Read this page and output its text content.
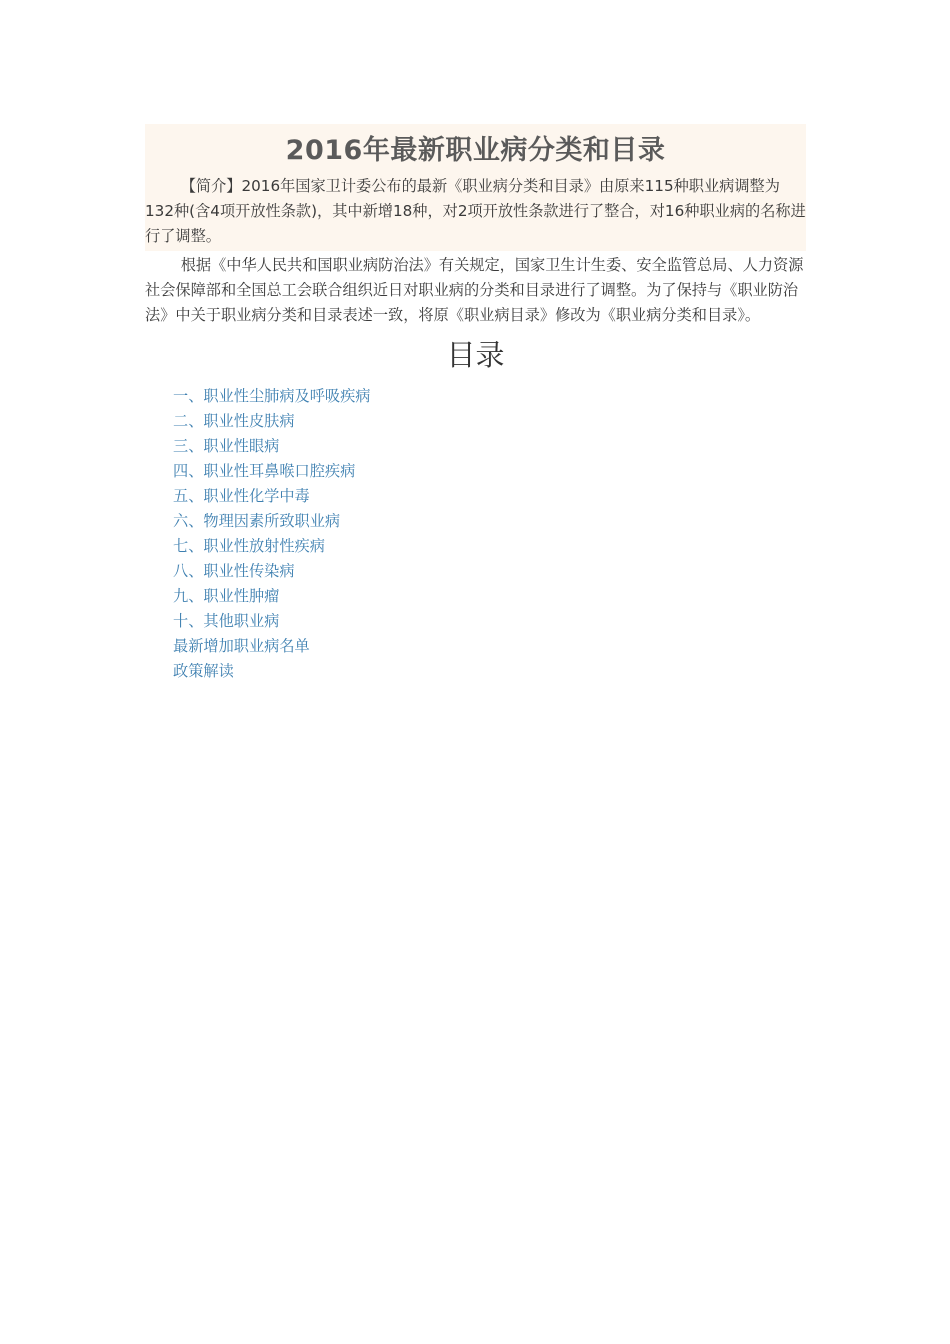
2016年最新职业病分类和目录

【简介】2016年国家卫计委公布的最新《职业病分类和目录》由原来115种职业病调整为132种(含4项开放性条款)，其中新增18种，对2项开放性条款进行了整合，对16种职业病的名称进行了调整。

根据《中华人民共和国职业病防治法》有关规定，国家卫生计生委、安全监管总局、人力资源社会保障部和全国总工会联合组织近日对职业病的分类和目录进行了调整。为了保持与《职业防治法》中关于职业病分类和目录表述一致，将原《职业病目录》修改为《职业病分类和目录》。

目录
一、职业性尘肺病及呼吸疾病
二、职业性皮肤病
三、职业性眼病
四、职业性耳鼻喉口腔疾病
五、职业性化学中毒
六、物理因素所致职业病
七、职业性放射性疾病
八、职业性传染病
九、职业性肿瘤
十、其他职业病
最新增加职业病名单
政策解读
